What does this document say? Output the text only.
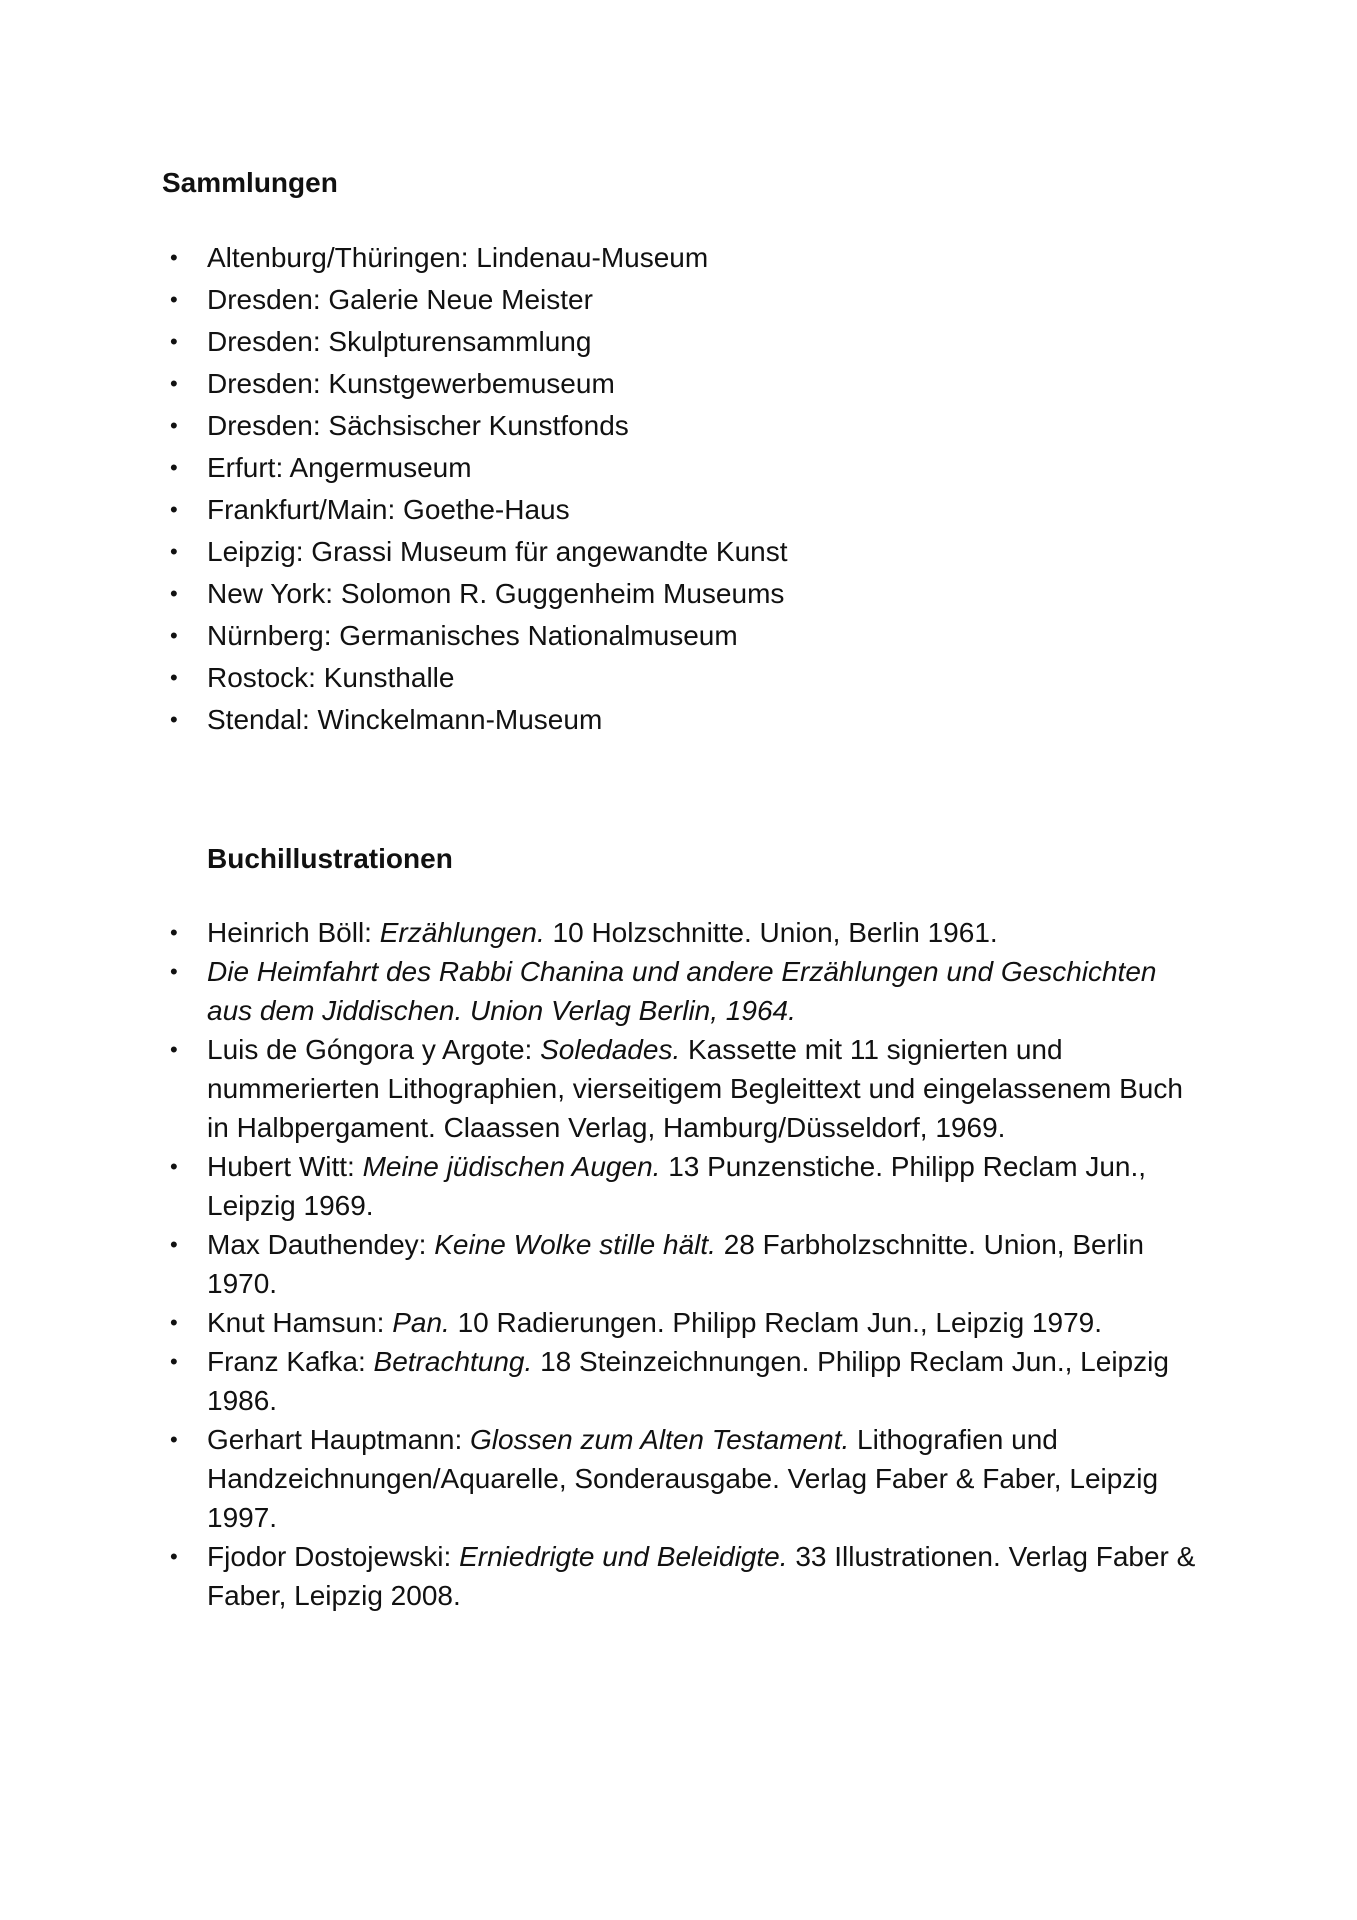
Sammlungen
• Altenburg/Thüringen: Lindenau-Museum
• Dresden: Galerie Neue Meister
• Dresden: Skulpturensammlung
• Dresden: Kunstgewerbemuseum
• Dresden: Sächsischer Kunstfonds
• Erfurt: Angermuseum
• Frankfurt/Main: Goethe-Haus
• Leipzig: Grassi Museum für angewandte Kunst
• New York: Solomon R. Guggenheim Museums
• Nürnberg: Germanisches Nationalmuseum
• Rostock: Kunsthalle
• Stendal: Winckelmann-Museum
Buchillustrationen
• Heinrich Böll: Erzählungen. 10 Holzschnitte. Union, Berlin 1961.
• Die Heimfahrt des Rabbi Chanina und andere Erzählungen und Geschichten aus dem Jiddischen. Union Verlag Berlin, 1964.
• Luis de Góngora y Argote: Soledades. Kassette mit 11 signierten und nummerierten Lithographien, vierseitigem Begleittext und eingelassenem Buch in Halbpergament. Claassen Verlag, Hamburg/Düsseldorf, 1969.
• Hubert Witt: Meine jüdischen Augen. 13 Punzenstiche. Philipp Reclam Jun., Leipzig 1969.
• Max Dauthendey: Keine Wolke stille hält. 28 Farbholzschnitte. Union, Berlin 1970.
• Knut Hamsun: Pan. 10 Radierungen. Philipp Reclam Jun., Leipzig 1979.
• Franz Kafka: Betrachtung. 18 Steinzeichnungen. Philipp Reclam Jun., Leipzig 1986.
• Gerhart Hauptmann: Glossen zum Alten Testament. Lithografien und Handzeichnungen/Aquarelle, Sonderausgabe. Verlag Faber & Faber, Leipzig 1997.
• Fjodor Dostojewski: Erniedrigte und Beleidigte. 33 Illustrationen. Verlag Faber & Faber, Leipzig 2008.
